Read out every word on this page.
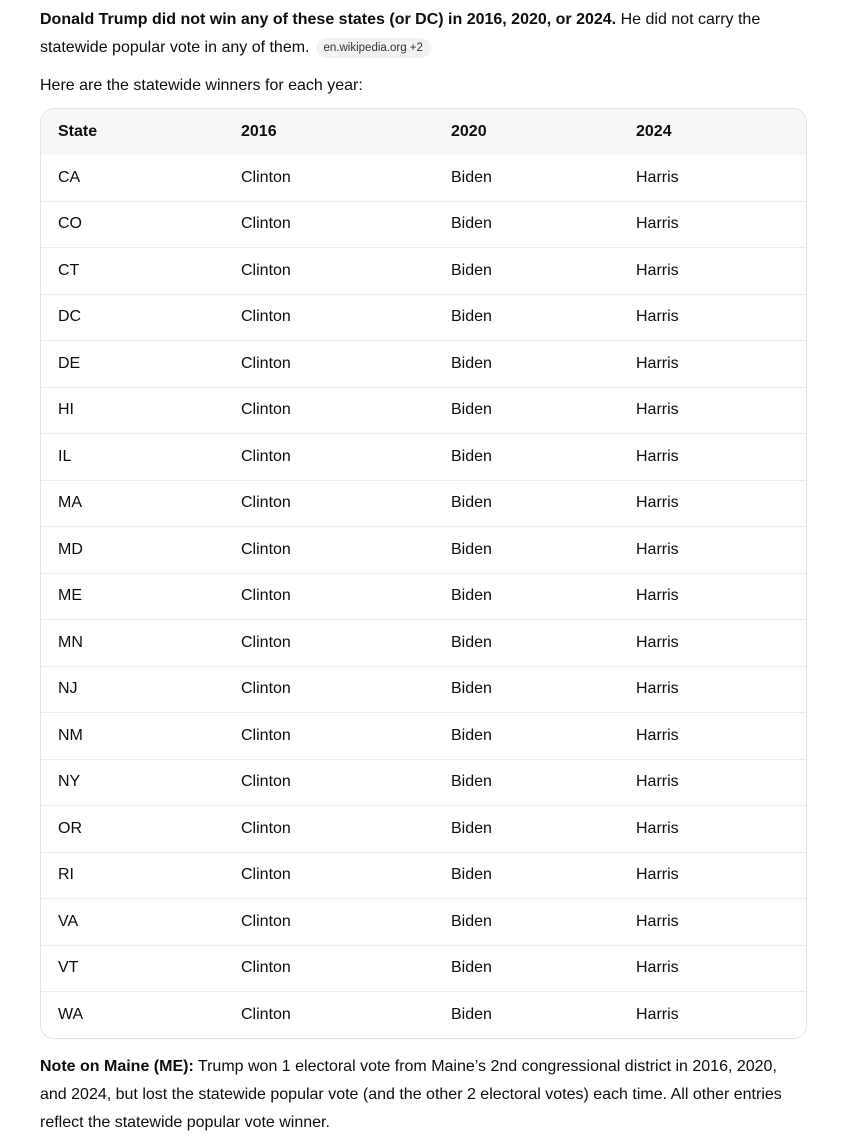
Donald Trump did not win any of these states (or DC) in 2016, 2020, or 2024. He did not carry the statewide popular vote in any of them. en.wikipedia.org +2

Here are the statewide winners for each year:

State	2016	2020	2024
CA	Clinton	Biden	Harris
CO	Clinton	Biden	Harris
CT	Clinton	Biden	Harris
DC	Clinton	Biden	Harris
DE	Clinton	Biden	Harris
HI	Clinton	Biden	Harris
IL	Clinton	Biden	Harris
MA	Clinton	Biden	Harris
MD	Clinton	Biden	Harris
ME	Clinton	Biden	Harris
MN	Clinton	Biden	Harris
NJ	Clinton	Biden	Harris
NM	Clinton	Biden	Harris
NY	Clinton	Biden	Harris
OR	Clinton	Biden	Harris
RI	Clinton	Biden	Harris
VA	Clinton	Biden	Harris
VT	Clinton	Biden	Harris
WA	Clinton	Biden	Harris

Note on Maine (ME): Trump won 1 electoral vote from Maine’s 2nd congressional district in 2016, 2020, and 2024, but lost the statewide popular vote (and the other 2 electoral votes) each time. All other entries reflect the statewide popular vote winner.
